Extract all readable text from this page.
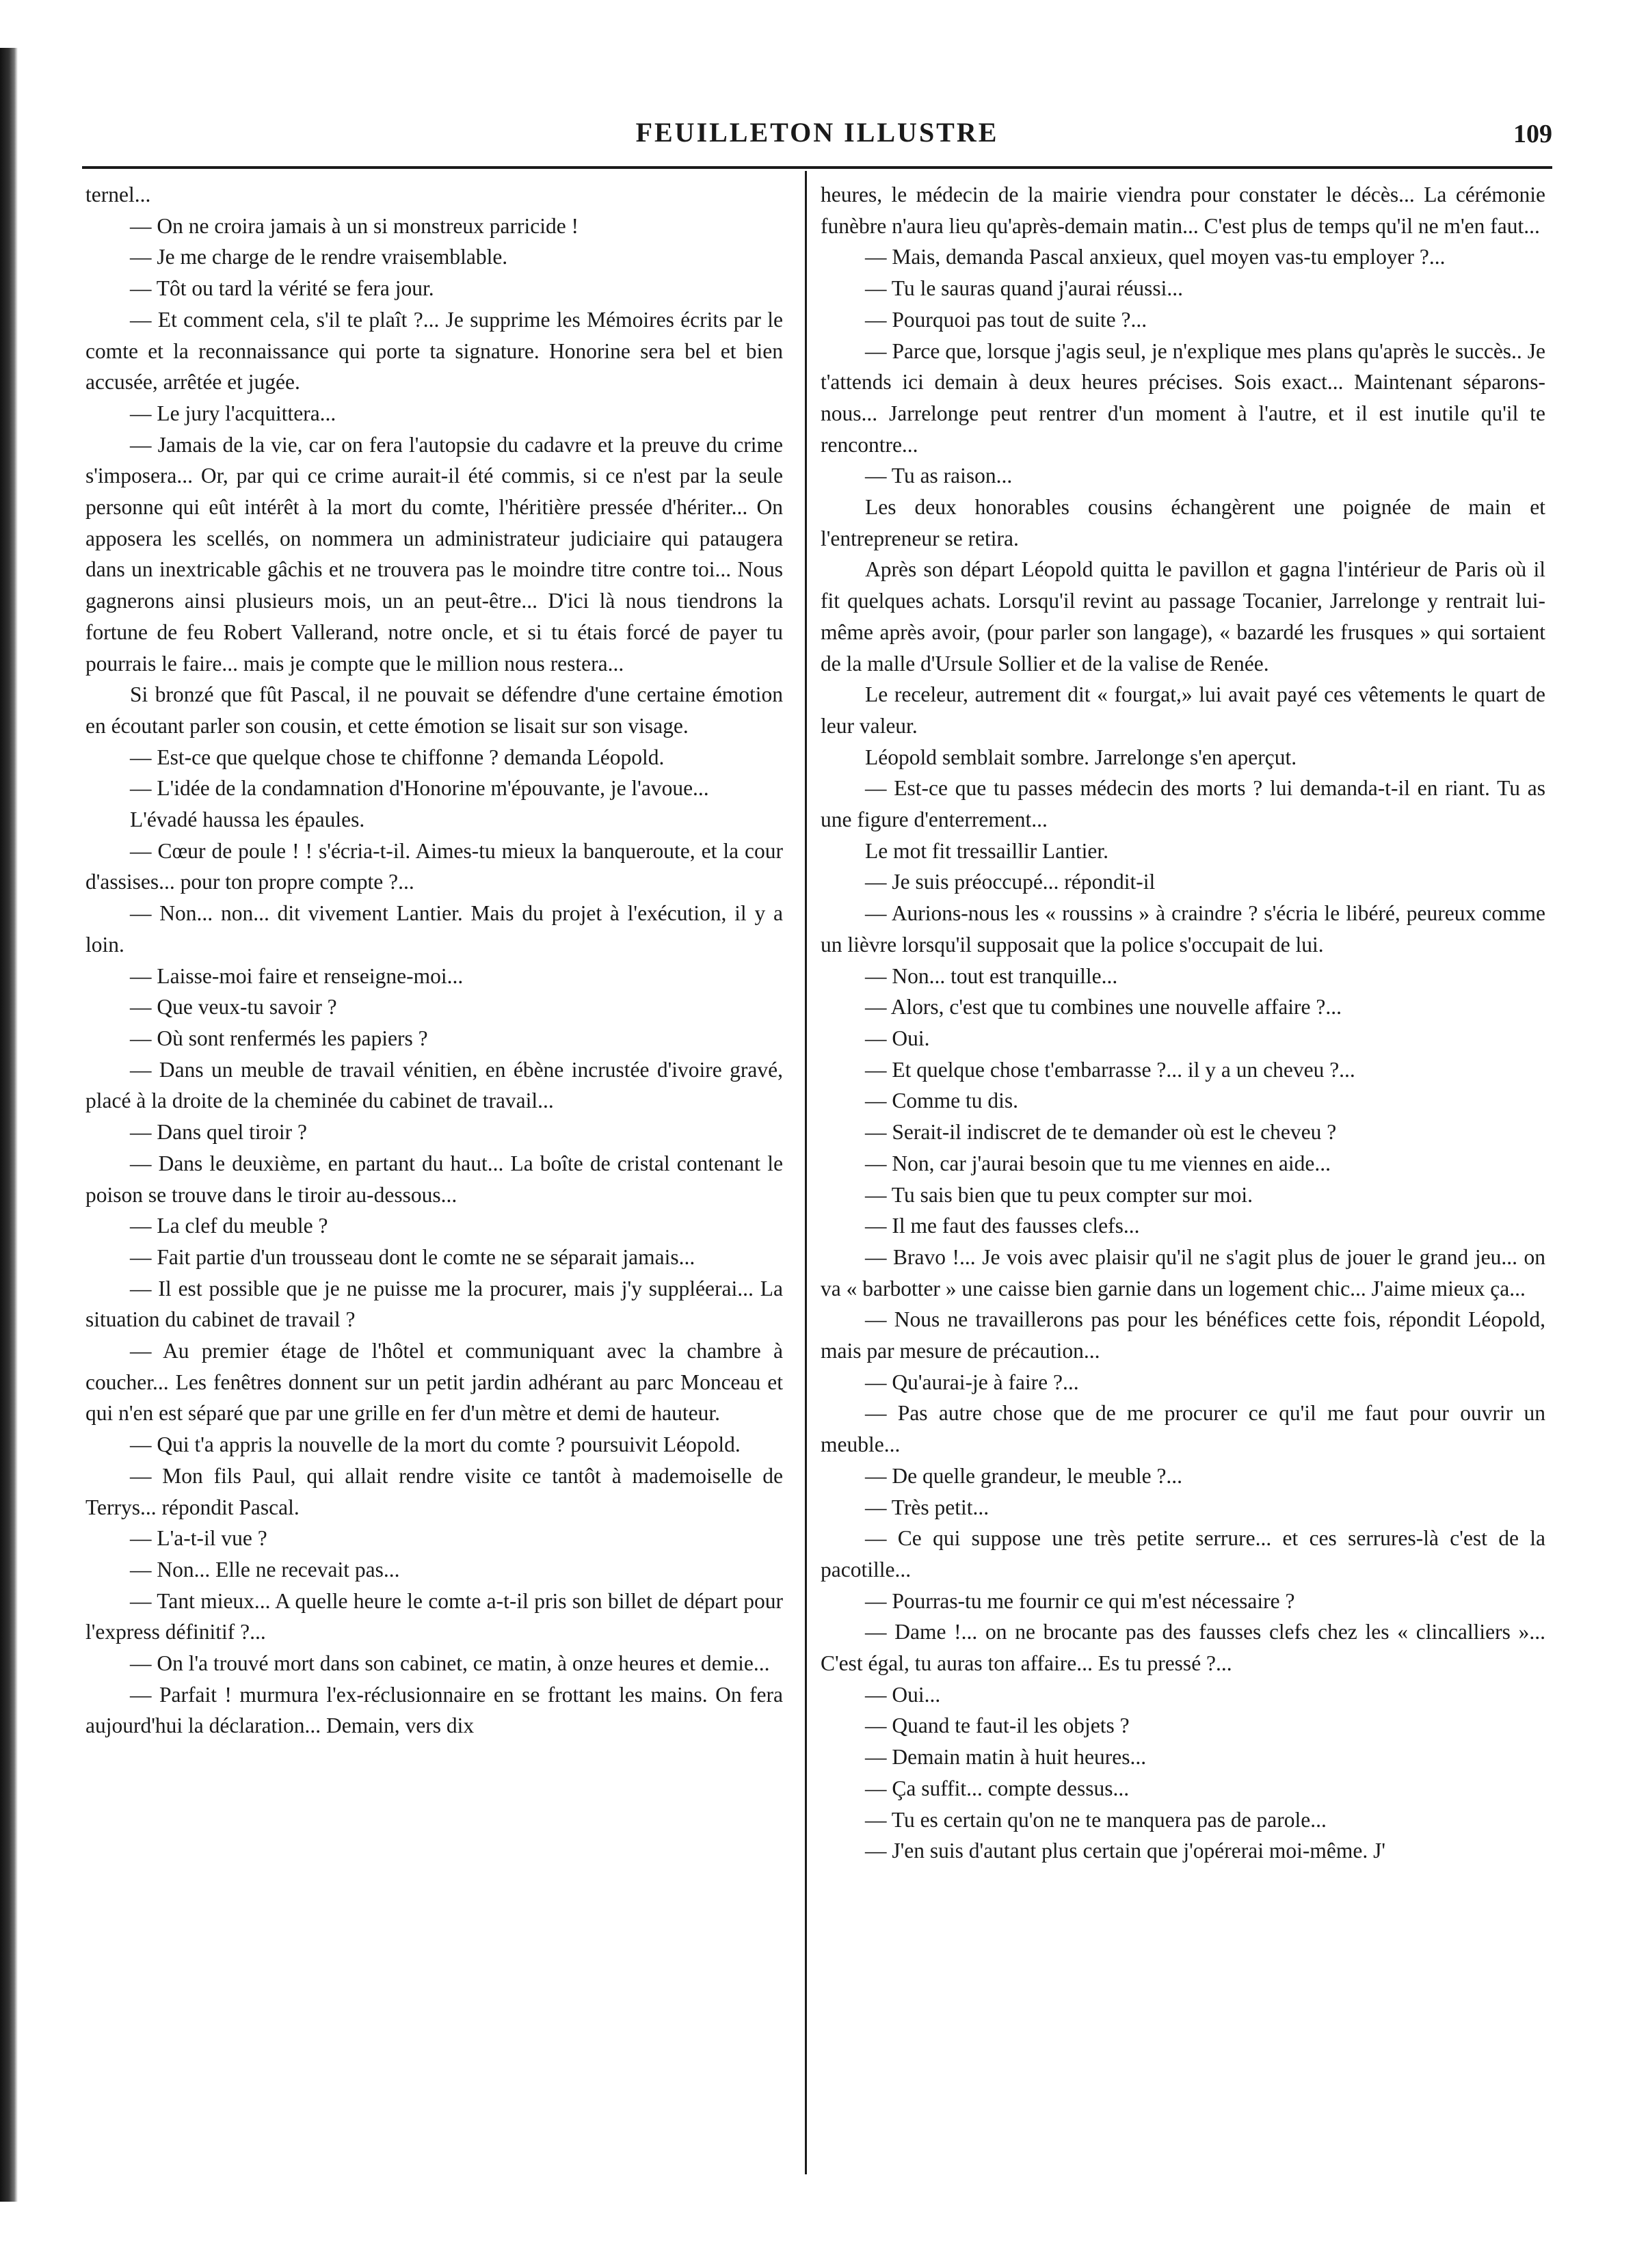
FEUILLETON ILLUSTRE	109

ternel...

— On ne croira jamais à un si monstreux parricide !

— Je me charge de le rendre vraisemblable.

— Tôt ou tard la vérité se fera jour.

— Et comment cela, s'il te plaît ?... Je supprime les Mémoires écrits par le comte et la reconnaissance qui porte ta signature. Honorine sera bel et bien accusée, arrêtée et jugée.

— Le jury l'acquittera...

— Jamais de la vie, car on fera l'autopsie du cadavre et la preuve du crime s'imposera... Or, par qui ce crime aurait-il été commis, si ce n'est par la seule personne qui eût intérêt à la mort du comte, l'héritière pressée d'hériter... On apposera les scellés, on nommera un administrateur judiciaire qui pataugera dans un inextricable gâchis et ne trouvera pas le moindre titre contre toi... Nous gagnerons ainsi plusieurs mois, un an peut-être... D'ici là nous tiendrons la fortune de feu Robert Vallerand, notre oncle, et si tu étais forcé de payer tu pourrais le faire... mais je compte que le million nous restera...

Si bronzé que fût Pascal, il ne pouvait se défendre d'une certaine émotion en écoutant parler son cousin, et cette émotion se lisait sur son visage.

— Est-ce que quelque chose te chiffonne ? demanda Léopold.

— L'idée de la condamnation d'Honorine m'épouvante, je l'avoue...

L'évadé haussa les épaules.

— Cœur de poule ! ! s'écria-t-il. Aimes-tu mieux la banqueroute, et la cour d'assises... pour ton propre compte ?...

— Non... non... dit vivement Lantier. Mais du projet à l'exécution, il y a loin.

— Laisse-moi faire et renseigne-moi...

— Que veux-tu savoir ?

— Où sont renfermés les papiers ?

— Dans un meuble de travail vénitien, en ébène incrustée d'ivoire gravé, placé à la droite de la cheminée du cabinet de travail...

— Dans quel tiroir ?

— Dans le deuxième, en partant du haut... La boîte de cristal contenant le poison se trouve dans le tiroir au-dessous...

— La clef du meuble ?

— Fait partie d'un trousseau dont le comte ne se séparait jamais...

— Il est possible que je ne puisse me la procurer, mais j'y suppléerai... La situation du cabinet de travail ?

— Au premier étage de l'hôtel et communiquant avec la chambre à coucher... Les fenêtres donnent sur un petit jardin adhérant au parc Monceau et qui n'en est séparé que par une grille en fer d'un mètre et demi de hauteur.

— Qui t'a appris la nouvelle de la mort du comte ? poursuivit Léopold.

— Mon fils Paul, qui allait rendre visite ce tantôt à mademoiselle de Terrys... répondit Pascal.

— L'a-t-il vue ?

— Non... Elle ne recevait pas...

— Tant mieux... A quelle heure le comte a-t-il pris son billet de départ pour l'express définitif ?...

— On l'a trouvé mort dans son cabinet, ce matin, à onze heures et demie...

— Parfait ! murmura l'ex-réclusionnaire en se frottant les mains. On fera aujourd'hui la déclaration... Demain, vers dix

heures, le médecin de la mairie viendra pour constater le décès... La cérémonie funèbre n'aura lieu qu'après-demain matin... C'est plus de temps qu'il ne m'en faut...

— Mais, demanda Pascal anxieux, quel moyen vas-tu employer ?...

— Tu le sauras quand j'aurai réussi...

— Pourquoi pas tout de suite ?...

— Parce que, lorsque j'agis seul, je n'explique mes plans qu'après le succès.. Je t'attends ici demain à deux heures précises. Sois exact... Maintenant séparons-nous... Jarrelonge peut rentrer d'un moment à l'autre, et il est inutile qu'il te rencontre...

— Tu as raison...

Les deux honorables cousins échangèrent une poignée de main et l'entrepreneur se retira.

Après son départ Léopold quitta le pavillon et gagna l'intérieur de Paris où il fit quelques achats. Lorsqu'il revint au passage Tocanier, Jarrelonge y rentrait lui-même après avoir, (pour parler son langage), « bazardé les frusques » qui sortaient de la malle d'Ursule Sollier et de la valise de Renée.

Le receleur, autrement dit « fourgat,» lui avait payé ces vêtements le quart de leur valeur.

Léopold semblait sombre. Jarrelonge s'en aperçut.

— Est-ce que tu passes médecin des morts ? lui demanda-t-il en riant. Tu as une figure d'enterrement...

Le mot fit tressaillir Lantier.

— Je suis préoccupé... répondit-il

— Aurions-nous les « roussins » à craindre ? s'écria le libéré, peureux comme un lièvre lorsqu'il supposait que la police s'occupait de lui.

— Non... tout est tranquille...

— Alors, c'est que tu combines une nouvelle affaire ?...

— Oui.

— Et quelque chose t'embarrasse ?... il y a un cheveu ?...

— Comme tu dis.

— Serait-il indiscret de te demander où est le cheveu ?

— Non, car j'aurai besoin que tu me viennes en aide...

— Tu sais bien que tu peux compter sur moi.

— Il me faut des fausses clefs...

— Bravo !... Je vois avec plaisir qu'il ne s'agit plus de jouer le grand jeu... on va « barbotter » une caisse bien garnie dans un logement chic... J'aime mieux ça...

— Nous ne travaillerons pas pour les bénéfices cette fois, répondit Léopold, mais par mesure de précaution...

— Qu'aurai-je à faire ?...

— Pas autre chose que de me procurer ce qu'il me faut pour ouvrir un meuble...

— De quelle grandeur, le meuble ?...

— Très petit...

— Ce qui suppose une très petite serrure... et ces serrures-là c'est de la pacotille...

— Pourras-tu me fournir ce qui m'est nécessaire ?

— Dame !... on ne brocante pas des fausses clefs chez les « clincalliers »... C'est égal, tu auras ton affaire... Es tu pressé ?...

— Oui...

— Quand te faut-il les objets ?

— Demain matin à huit heures...

— Ça suffit... compte dessus...

— Tu es certain qu'on ne te manquera pas de parole...

— J'en suis d'autant plus certain que j'opérerai moi-même. J'
